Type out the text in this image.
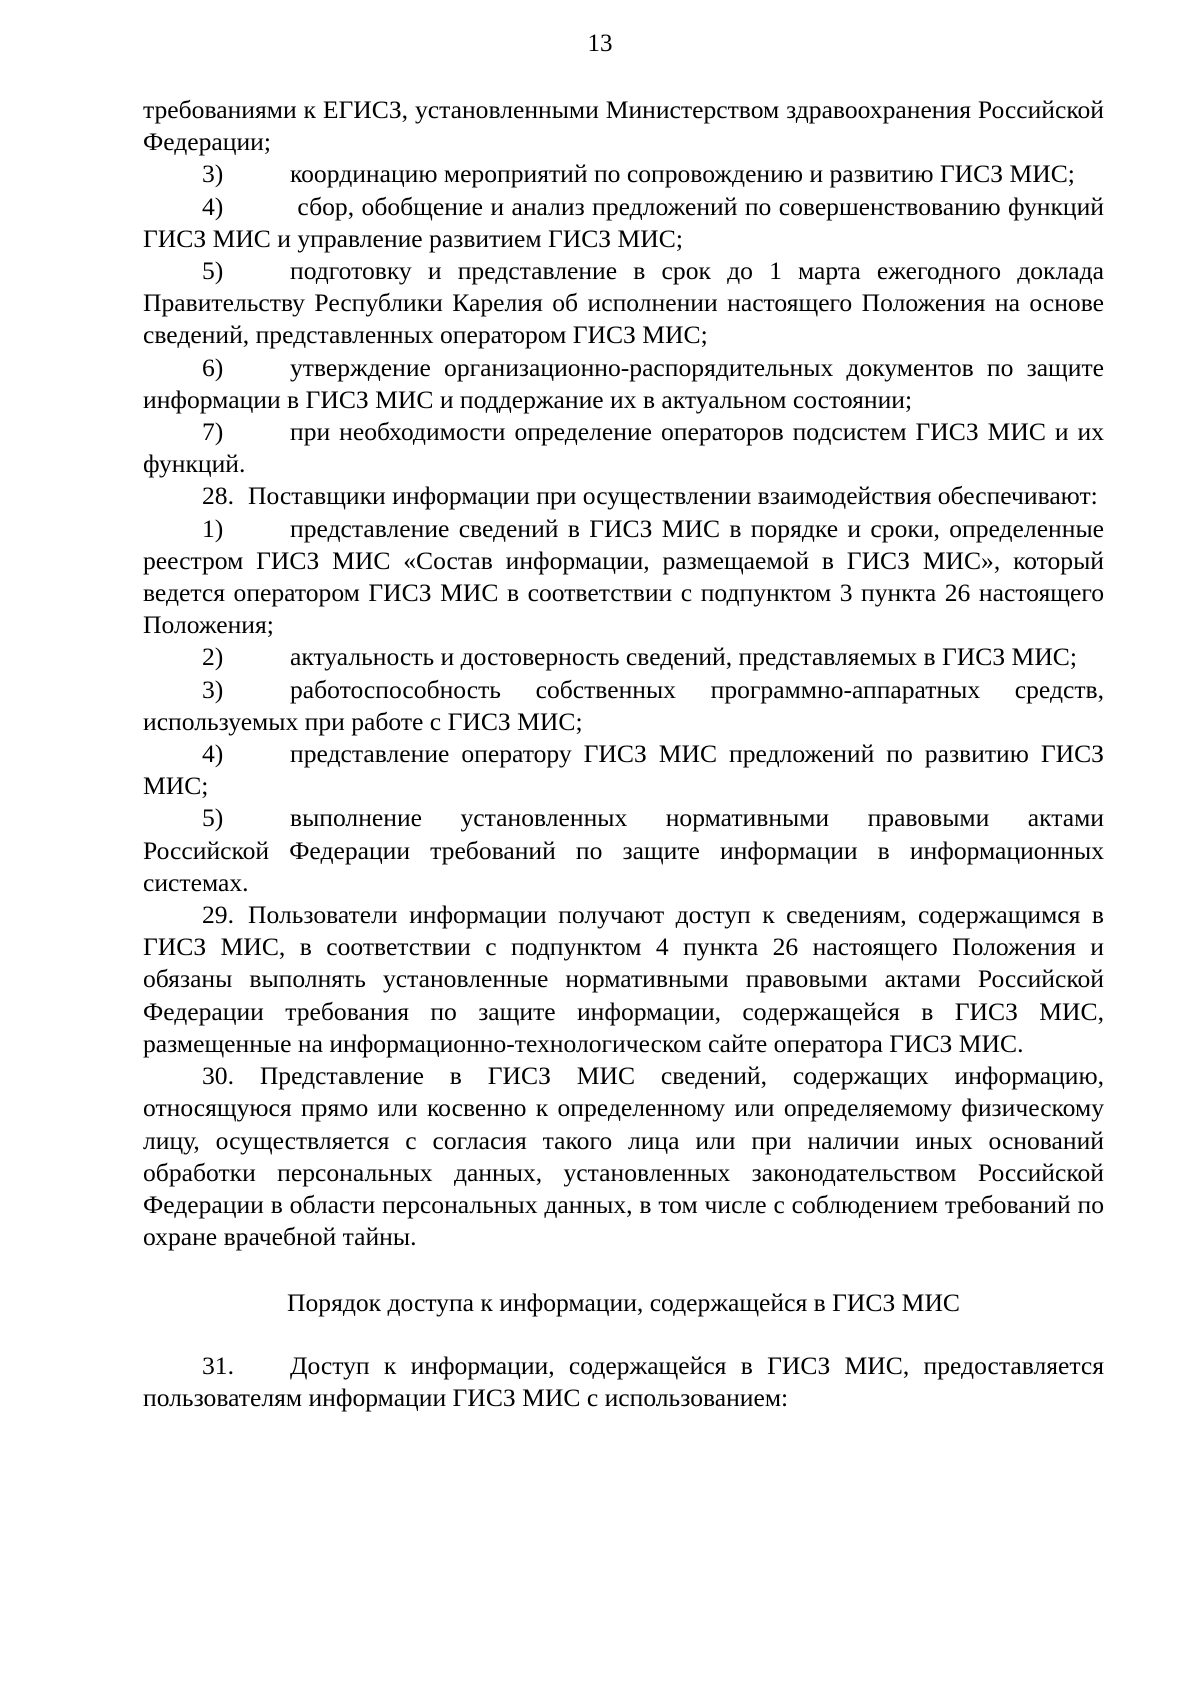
13

требованиями к ЕГИСЗ, установленными Министерством здравоохранения Российской Федерации;

3)	координацию мероприятий по сопровождению и развитию ГИСЗ МИС;

4)	сбор, обобщение и анализ предложений по совершенствованию функций ГИСЗ МИС и управление развитием ГИСЗ МИС;

5)	подготовку и представление в срок до 1 марта ежегодного доклада Правительству Республики Карелия об исполнении настоящего Положения на основе сведений, представленных оператором ГИСЗ МИС;

6)	утверждение организационно-распорядительных документов по защите информации в ГИСЗ МИС и поддержание их в актуальном состоянии;

7)	при необходимости определение операторов подсистем ГИСЗ МИС и их функций.

28. Поставщики информации при осуществлении взаимодействия обеспечивают:

1)	представление сведений в ГИСЗ МИС в порядке и сроки, определенные реестром ГИСЗ МИС «Состав информации, размещаемой в ГИСЗ МИС», который ведется оператором ГИСЗ МИС в соответствии с подпунктом 3 пункта 26 настоящего Положения;

2)	актуальность и достоверность сведений, представляемых в ГИСЗ МИС;

3)	работоспособность собственных программно-аппаратных средств, используемых при работе с ГИСЗ МИС;

4)	представление оператору ГИСЗ МИС предложений по развитию ГИСЗ МИС;

5)	выполнение установленных нормативными правовыми актами Российской Федерации требований по защите информации в информационных системах.

29. Пользователи информации получают доступ к сведениям, содержащимся в ГИСЗ МИС, в соответствии с подпунктом 4 пункта 26 настоящего Положения и обязаны выполнять установленные нормативными правовыми актами Российской Федерации требования по защите информации, содержащейся в ГИСЗ МИС, размещенные на информационно-технологическом сайте оператора ГИСЗ МИС.

30. Представление в ГИСЗ МИС сведений, содержащих информацию, относящуюся прямо или косвенно к определенному или определяемому физическому лицу, осуществляется с согласия такого лица или при наличии иных оснований обработки персональных данных, установленных законодательством Российской Федерации в области персональных данных, в том числе с соблюдением требований по охране врачебной тайны.

Порядок доступа к информации, содержащейся в ГИСЗ МИС

31. Доступ к информации, содержащейся в ГИСЗ МИС, предоставляется пользователям информации ГИСЗ МИС с использованием:
